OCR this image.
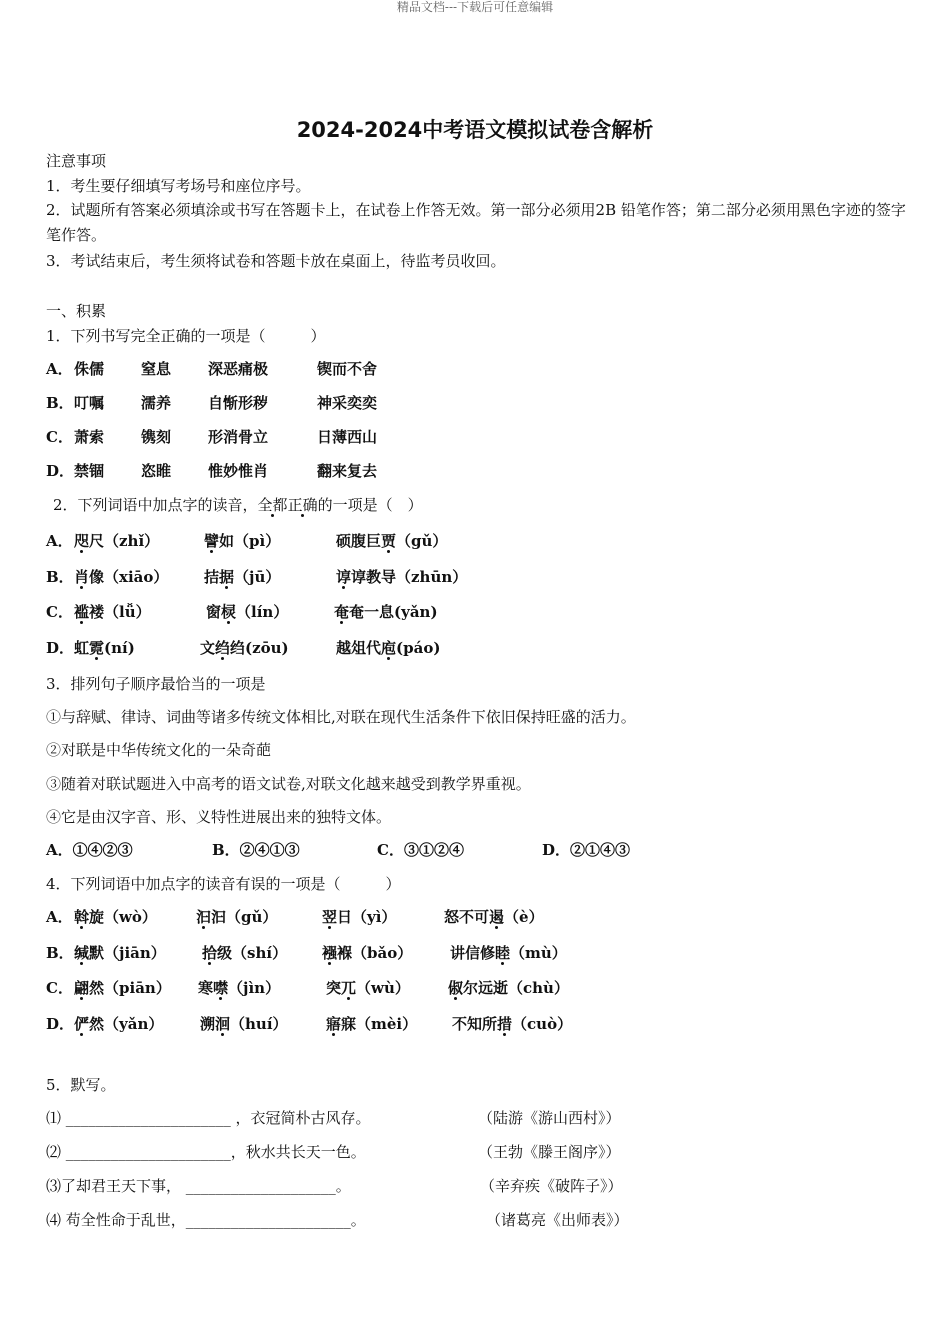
精品文档---下载后可任意编辑
2024-2024中考语文模拟试卷含解析
注意事项
1．考生要仔细填写考场号和座位序号。
2．试题所有答案必须填涂或书写在答题卡上，在试卷上作答无效。第一部分必须用2B 铅笔作答；第二部分必须用黑色字迹的签字笔作答。
3．考试结束后，考生须将试卷和答题卡放在桌面上，待监考员收回。
一、积累
1．下列书写完全正确的一项是（　　　）
A． 侏儒 窒息 深恶痛极	锲而不舍
B． 叮嘱 濡养 自惭形秽	神采奕奕
C． 萧索 镌刻 形消骨立	日薄西山
D． 禁锢 恣睢 惟妙惟肖	翻来复去
2．下列词语中加点字的读音，全都正确的一项是（　）
A． 咫尺（zhǐ）	譬如（pì）	硕腹巨贾（gǔ）
B． 肖像（xiāo） 拮据（jū）	谆谆教导（zhūn）
C． 褴褛（lǚ）	窗棂（lín）	奄奄一息(yǎn)
D． 虹霓(ní)	文绉绉(zōu)	越俎代庖(páo)
3．排列句子顺序最恰当的一项是
①与辞赋、律诗、词曲等诸多传统文体相比,对联在现代生活条件下依旧保持旺盛的活力。
②对联是中华传统文化的一朵奇葩
③随着对联试题进入中高考的语文试卷,对联文化越来越受到教学界重视。
④它是由汉字音、形、义特性进展出来的独特文体。
A．①④②③	B．②④①③	C．③①②④	D．②①④③
4．下列词语中加点字的读音有误的一项是（　　　）
A． 斡旋（wò）	汩汩（gǔ）	翌日（yì）	怒不可遏（è）
B． 缄默（jiān） 拾级（shí） 襁褓（bǎo）	讲信修睦（mù）
C． 翩然（piān） 寒噤（jìn）	突兀（wù）	俶尔远逝（chù）
D． 俨然（yǎn） 溯洄（huí）	寤寐（mèi） 不知所措（cuò）
5．默写。
⑴ ______________________ ，衣冠简朴古风存。	（陆游《游山西村》）
⑵ ______________________，秋水共长天一色。	（王勃《滕王阁序》）
⑶了却君王天下事， ____________________。	（辛弃疾《破阵子》）
⑷ 苟全性命于乱世，______________________。	（诸葛亮《出师表》）
